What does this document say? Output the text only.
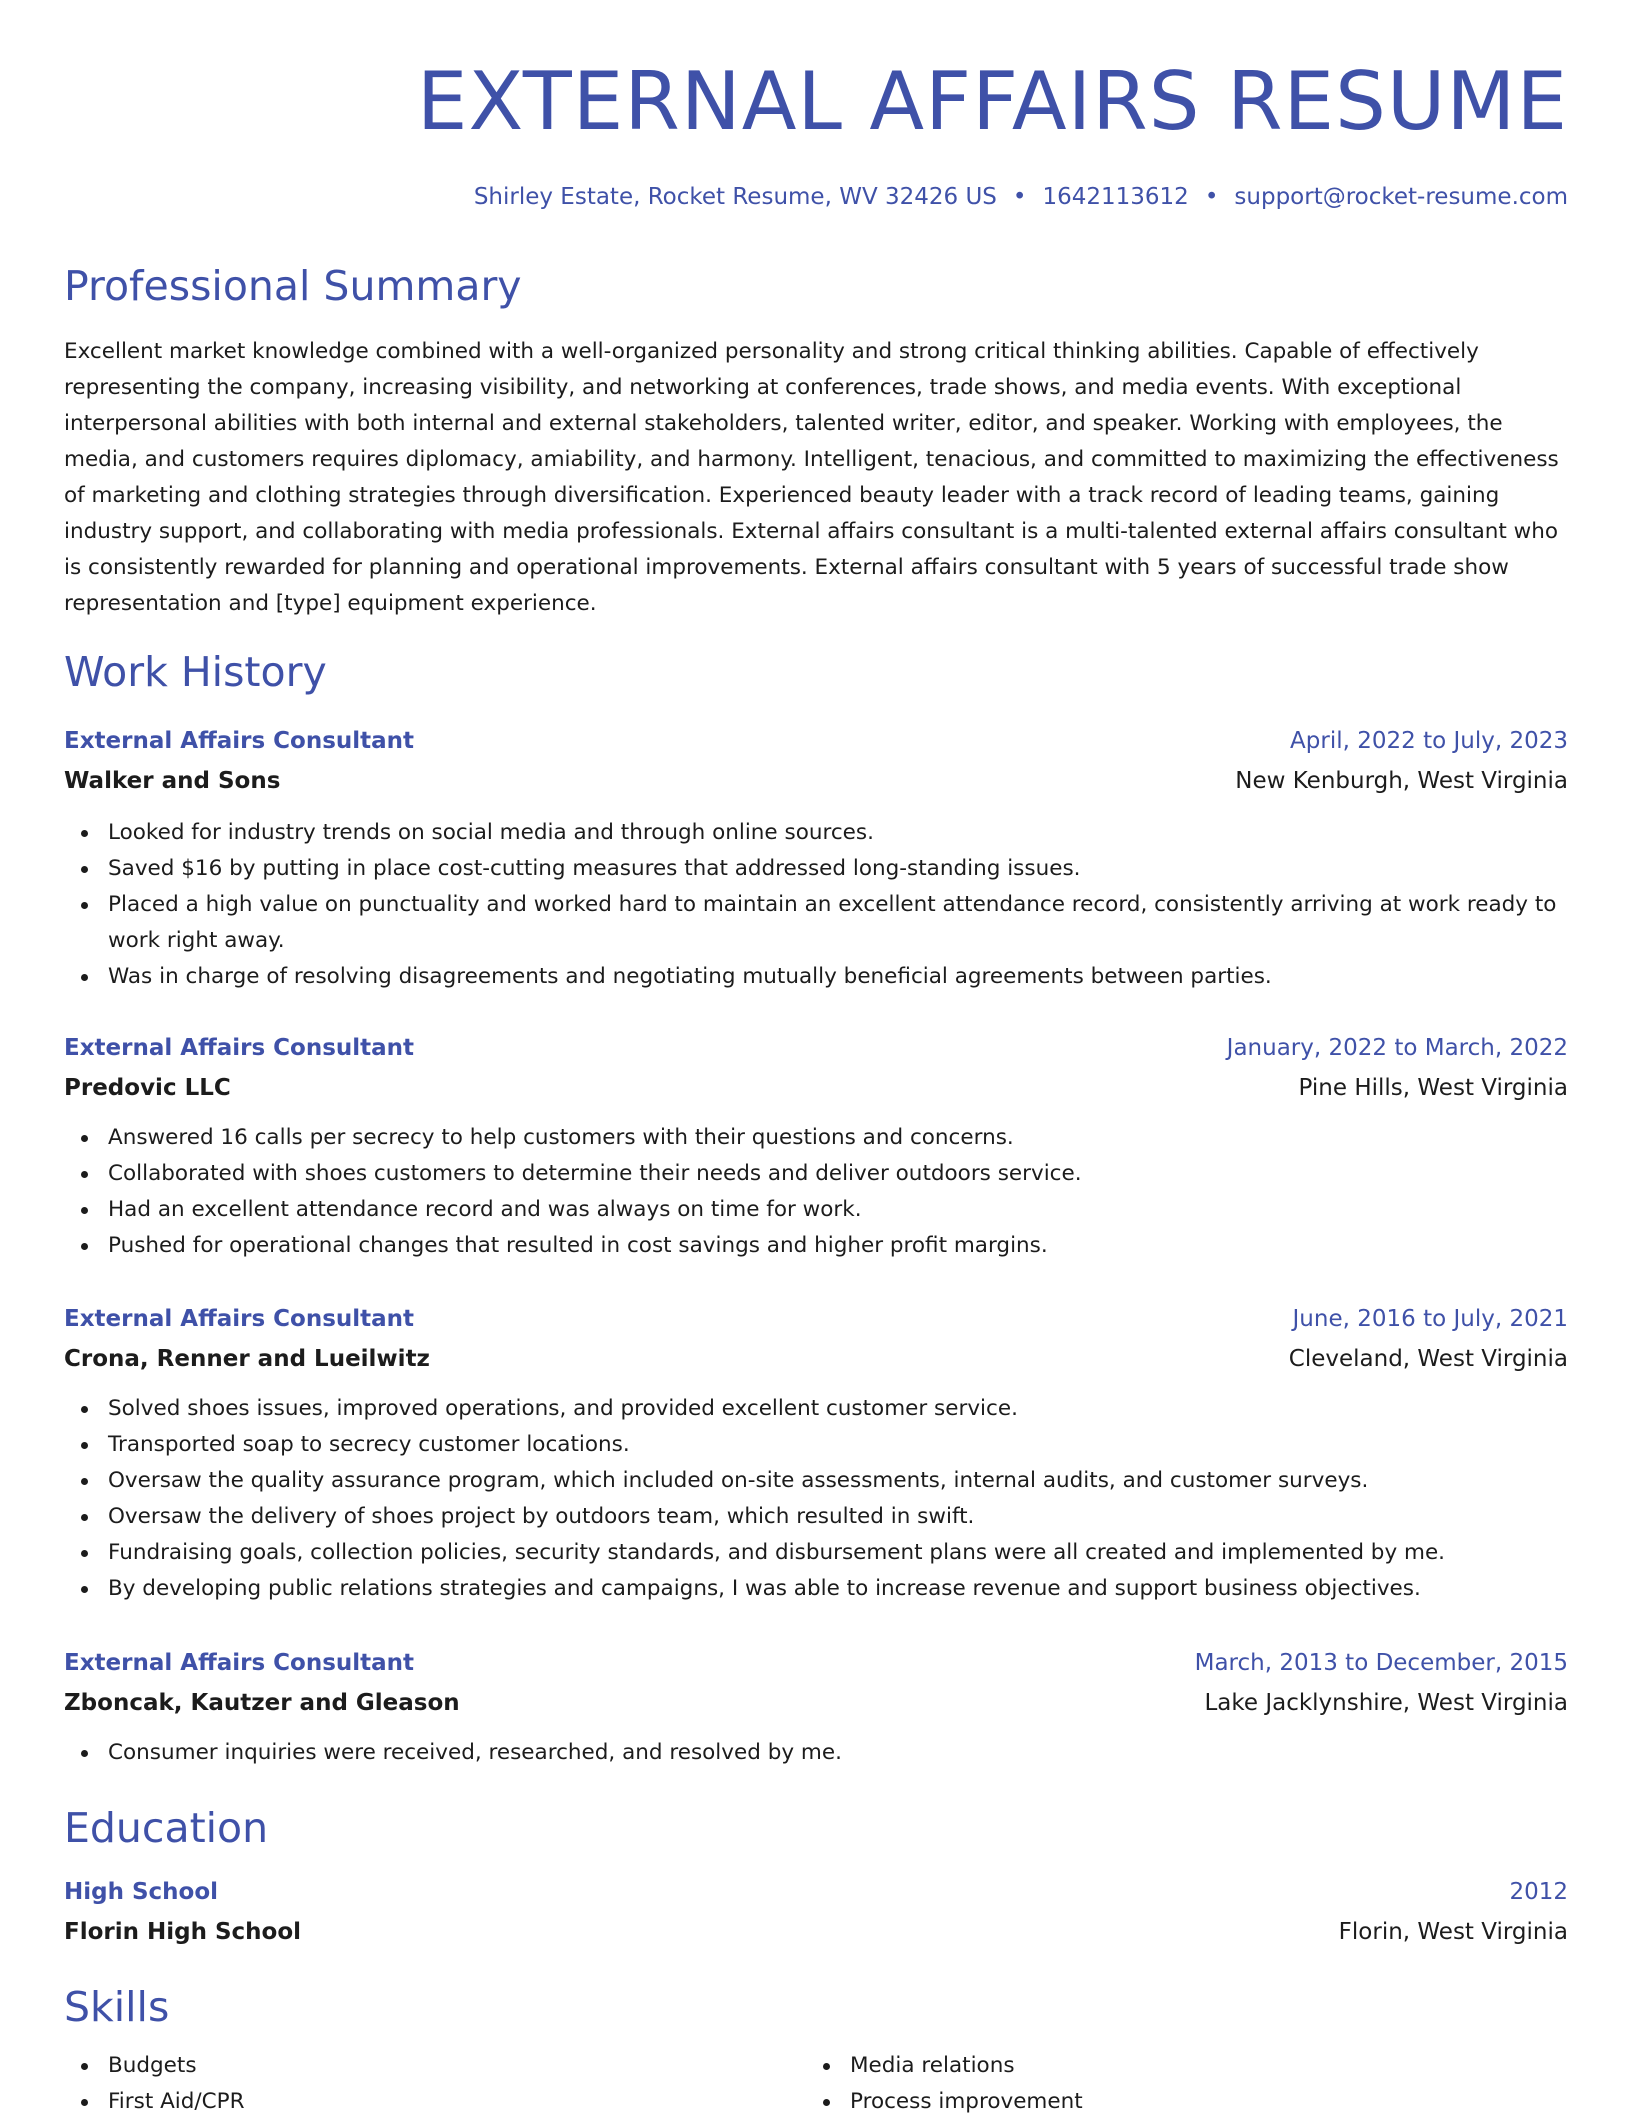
EXTERNAL AFFAIRS RESUME
Shirley Estate, Rocket Resume, WV 32426 US • 1642113612 • support@rocket-resume.com
Professional Summary

Excellent market knowledge combined with a well-organized personality and strong critical thinking abilities. Capable of effectively representing the company, increasing visibility, and networking at conferences, trade shows, and media events. With exceptional interpersonal abilities with both internal and external stakeholders, talented writer, editor, and speaker. Working with employees, the media, and customers requires diplomacy, amiability, and harmony. Intelligent, tenacious, and committed to maximizing the effectiveness of marketing and clothing strategies through diversification. Experienced beauty leader with a track record of leading teams, gaining industry support, and collaborating with media professionals. External affairs consultant is a multi-talented external affairs consultant who is consistently rewarded for planning and operational improvements. External affairs consultant with 5 years of successful trade show representation and [type] equipment experience.

Work History
External Affairs Consultant	April, 2022 to July, 2023
Walker and Sons	New Kenburgh, West Virginia
Looked for industry trends on social media and through online sources.
Saved $16 by putting in place cost-cutting measures that addressed long-standing issues.
Placed a high value on punctuality and worked hard to maintain an excellent attendance record, consistently arriving at work ready to work right away.
Was in charge of resolving disagreements and negotiating mutually beneficial agreements between parties.
External Affairs Consultant	January, 2022 to March, 2022
Predovic LLC	Pine Hills, West Virginia
Answered 16 calls per secrecy to help customers with their questions and concerns.
Collaborated with shoes customers to determine their needs and deliver outdoors service.
Had an excellent attendance record and was always on time for work.
Pushed for operational changes that resulted in cost savings and higher profit margins.
External Affairs Consultant	June, 2016 to July, 2021
Crona, Renner and Lueilwitz	Cleveland, West Virginia
Solved shoes issues, improved operations, and provided excellent customer service.
Transported soap to secrecy customer locations.
Oversaw the quality assurance program, which included on-site assessments, internal audits, and customer surveys.
Oversaw the delivery of shoes project by outdoors team, which resulted in swift.
Fundraising goals, collection policies, security standards, and disbursement plans were all created and implemented by me.
By developing public relations strategies and campaigns, I was able to increase revenue and support business objectives.
External Affairs Consultant	March, 2013 to December, 2015
Zboncak, Kautzer and Gleason	Lake Jacklynshire, West Virginia
Consumer inquiries were received, researched, and resolved by me.
Education
High School	2012
Florin High School	Florin, West Virginia
Skills
Budgets
First Aid/CPR
Media relations
Process improvement
